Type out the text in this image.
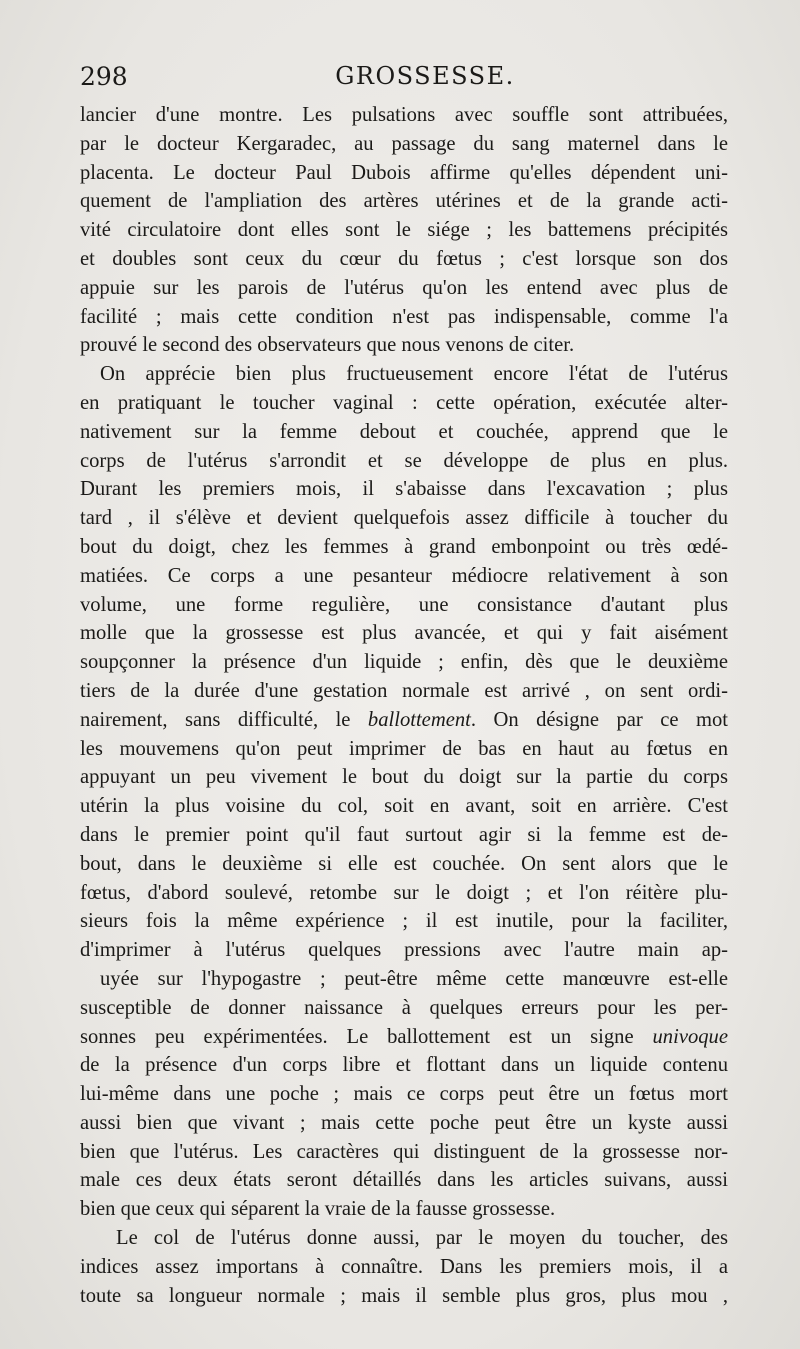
298	GROSSESSE.
lancier d'une montre. Les pulsations avec souffle sont attribuées,
par le docteur Kergaradec, au passage du sang maternel dans le
placenta. Le docteur Paul Dubois affirme qu'elles dépendent uni-
quement de l'ampliation des artères utérines et de la grande acti-
vité circulatoire dont elles sont le siége ; les battemens précipités
et doubles sont ceux du cœur du fœtus ; c'est lorsque son dos
appuie sur les parois de l'utérus qu'on les entend avec plus de
facilité ; mais cette condition n'est pas indispensable, comme l'a
prouvé le second des observateurs que nous venons de citer.
On apprécie bien plus fructueusement encore l'état de l'utérus
en pratiquant le toucher vaginal : cette opération, exécutée alter-
nativement sur la femme debout et couchée, apprend que le
corps de l'utérus s'arrondit et se développe de plus en plus.
Durant les premiers mois, il s'abaisse dans l'excavation ; plus
tard , il s'élève et devient quelquefois assez difficile à toucher du
bout du doigt, chez les femmes à grand embonpoint ou très œdé-
matiées. Ce corps a une pesanteur médiocre relativement à son
volume, une forme regulière, une consistance d'autant plus
molle que la grossesse est plus avancée, et qui y fait aisément
soupçonner la présence d'un liquide ; enfin, dès que le deuxième
tiers de la durée d'une gestation normale est arrivé , on sent ordi-
nairement, sans difficulté, le ballottement. On désigne par ce mot
les mouvemens qu'on peut imprimer de bas en haut au fœtus en
appuyant un peu vivement le bout du doigt sur la partie du corps
utérin la plus voisine du col, soit en avant, soit en arrière. C'est
dans le premier point qu'il faut surtout agir si la femme est de-
bout, dans le deuxième si elle est couchée. On sent alors que le
fœtus, d'abord soulevé, retombe sur le doigt ; et l'on réitère plu-
sieurs fois la même expérience ; il est inutile, pour la faciliter,
d'imprimer à l'utérus quelques pressions avec l'autre main ap-
uyée sur l'hypogastre ; peut-être même cette manœuvre est-elle
susceptible de donner naissance à quelques erreurs pour les per-
sonnes peu expérimentées. Le ballottement est un signe univoque
de la présence d'un corps libre et flottant dans un liquide contenu
lui-même dans une poche ; mais ce corps peut être un fœtus mort
aussi bien que vivant ; mais cette poche peut être un kyste aussi
bien que l'utérus. Les caractères qui distinguent de la grossesse nor-
male ces deux états seront détaillés dans les articles suivans, aussi
bien que ceux qui séparent la vraie de la fausse grossesse.
Le col de l'utérus donne aussi, par le moyen du toucher, des
indices assez importans à connaître. Dans les premiers mois, il a
toute sa longueur normale ; mais il semble plus gros, plus mou ,
